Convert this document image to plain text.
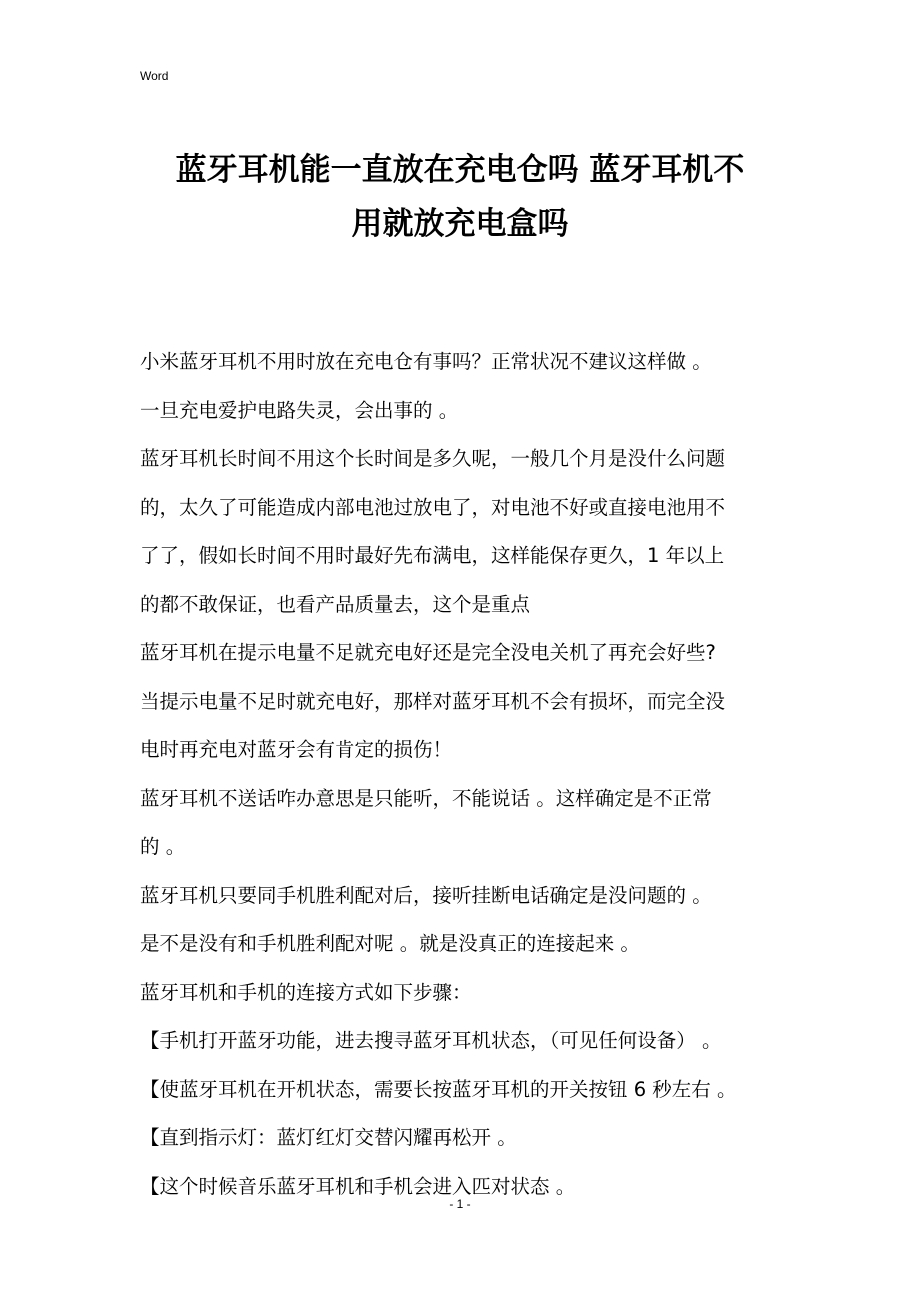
Word
蓝牙耳机能一直放在充电仓吗 蓝牙耳机不
用就放充电盒吗
小米蓝牙耳机不用时放在充电仓有事吗？正常状况不建议这样做 。
一旦充电爱护电路失灵，会出事的 。
蓝牙耳机长时间不用这个长时间是多久呢，一般几个月是没什么问题
的，太久了可能造成内部电池过放电了，对电池不好或直接电池用不
了了，假如长时间不用时最好先布满电，这样能保存更久，1 年以上
的都不敢保证，也看产品质量去，这个是重点
蓝牙耳机在提示电量不足就充电好还是完全没电关机了再充会好些?
当提示电量不足时就充电好，那样对蓝牙耳机不会有损坏，而完全没
电时再充电对蓝牙会有肯定的损伤！
蓝牙耳机不送话咋办意思是只能听，不能说话 。这样确定是不正常
的 。
蓝牙耳机只要同手机胜利配对后，接听挂断电话确定是没问题的 。
是不是没有和手机胜利配对呢 。就是没真正的连接起来 。
蓝牙耳机和手机的连接方式如下步骤：
【手机打开蓝牙功能，进去搜寻蓝牙耳机状态，（可见任何设备） 。
【使蓝牙耳机在开机状态，需要长按蓝牙耳机的开关按钮 6 秒左右 。
【直到指示灯：蓝灯红灯交替闪耀再松开 。
【这个时候音乐蓝牙耳机和手机会进入匹对状态 。
- 1 -
